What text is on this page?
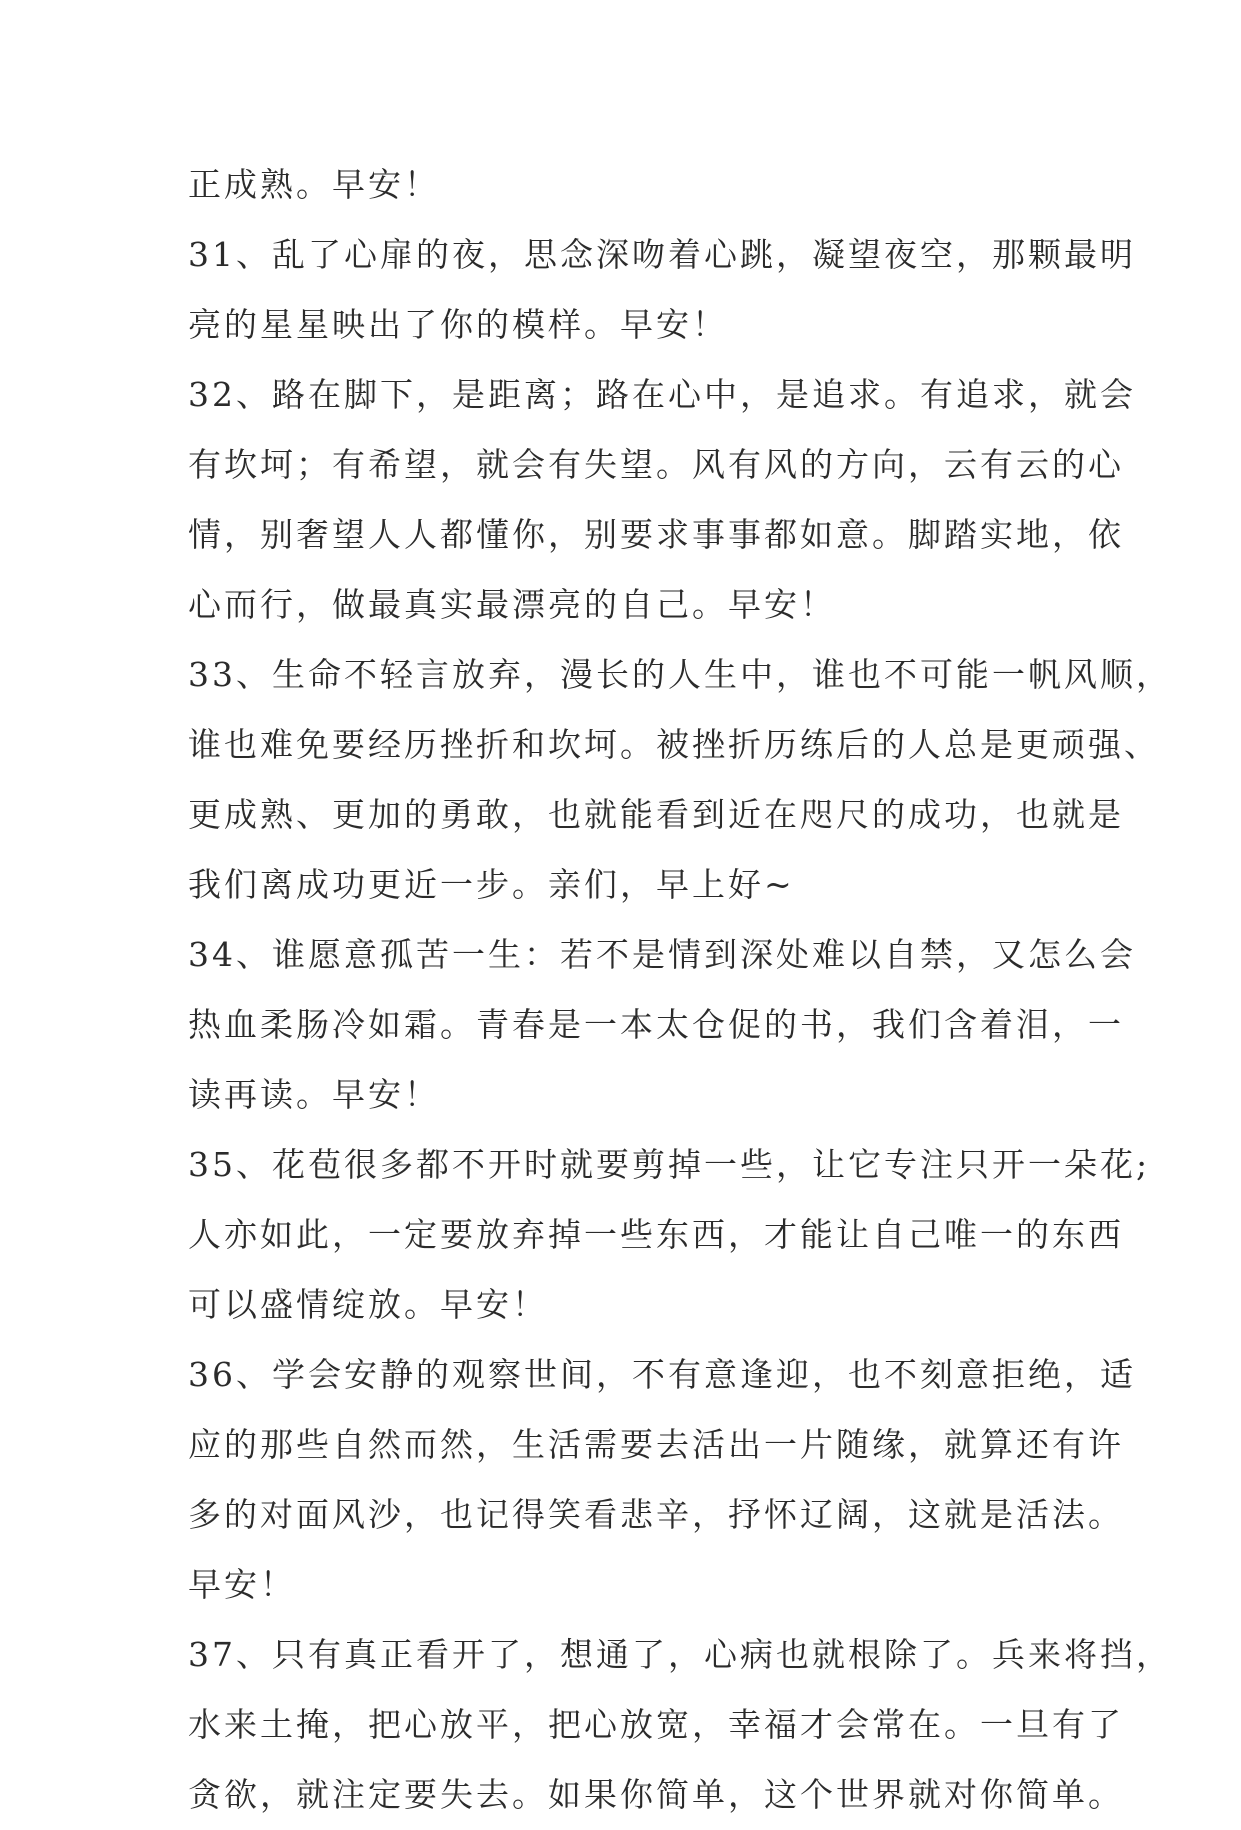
正成熟。早安！
31、乱了心扉的夜，思念深吻着心跳，凝望夜空，那颗最明
亮的星星映出了你的模样。早安！
32、路在脚下，是距离；路在心中，是追求。有追求，就会
有坎坷；有希望，就会有失望。风有风的方向，云有云的心
情，别奢望人人都懂你，别要求事事都如意。脚踏实地，依
心而行，做最真实最漂亮的自己。早安！
33、生命不轻言放弃，漫长的人生中，谁也不可能一帆风顺，
谁也难免要经历挫折和坎坷。被挫折历练后的人总是更顽强、
更成熟、更加的勇敢，也就能看到近在咫尺的成功，也就是
我们离成功更近一步。亲们，早上好~
34、谁愿意孤苦一生：若不是情到深处难以自禁，又怎么会
热血柔肠冷如霜。青春是一本太仓促的书，我们含着泪，一
读再读。早安！
35、花苞很多都不开时就要剪掉一些，让它专注只开一朵花;
人亦如此，一定要放弃掉一些东西，才能让自己唯一的东西
可以盛情绽放。早安！
36、学会安静的观察世间，不有意逢迎，也不刻意拒绝，适
应的那些自然而然，生活需要去活出一片随缘，就算还有许
多的对面风沙，也记得笑看悲辛，抒怀辽阔，这就是活法。
早安！
37、只有真正看开了，想通了，心病也就根除了。兵来将挡，
水来土掩，把心放平，把心放宽，幸福才会常在。一旦有了
贪欲，就注定要失去。如果你简单，这个世界就对你简单。
